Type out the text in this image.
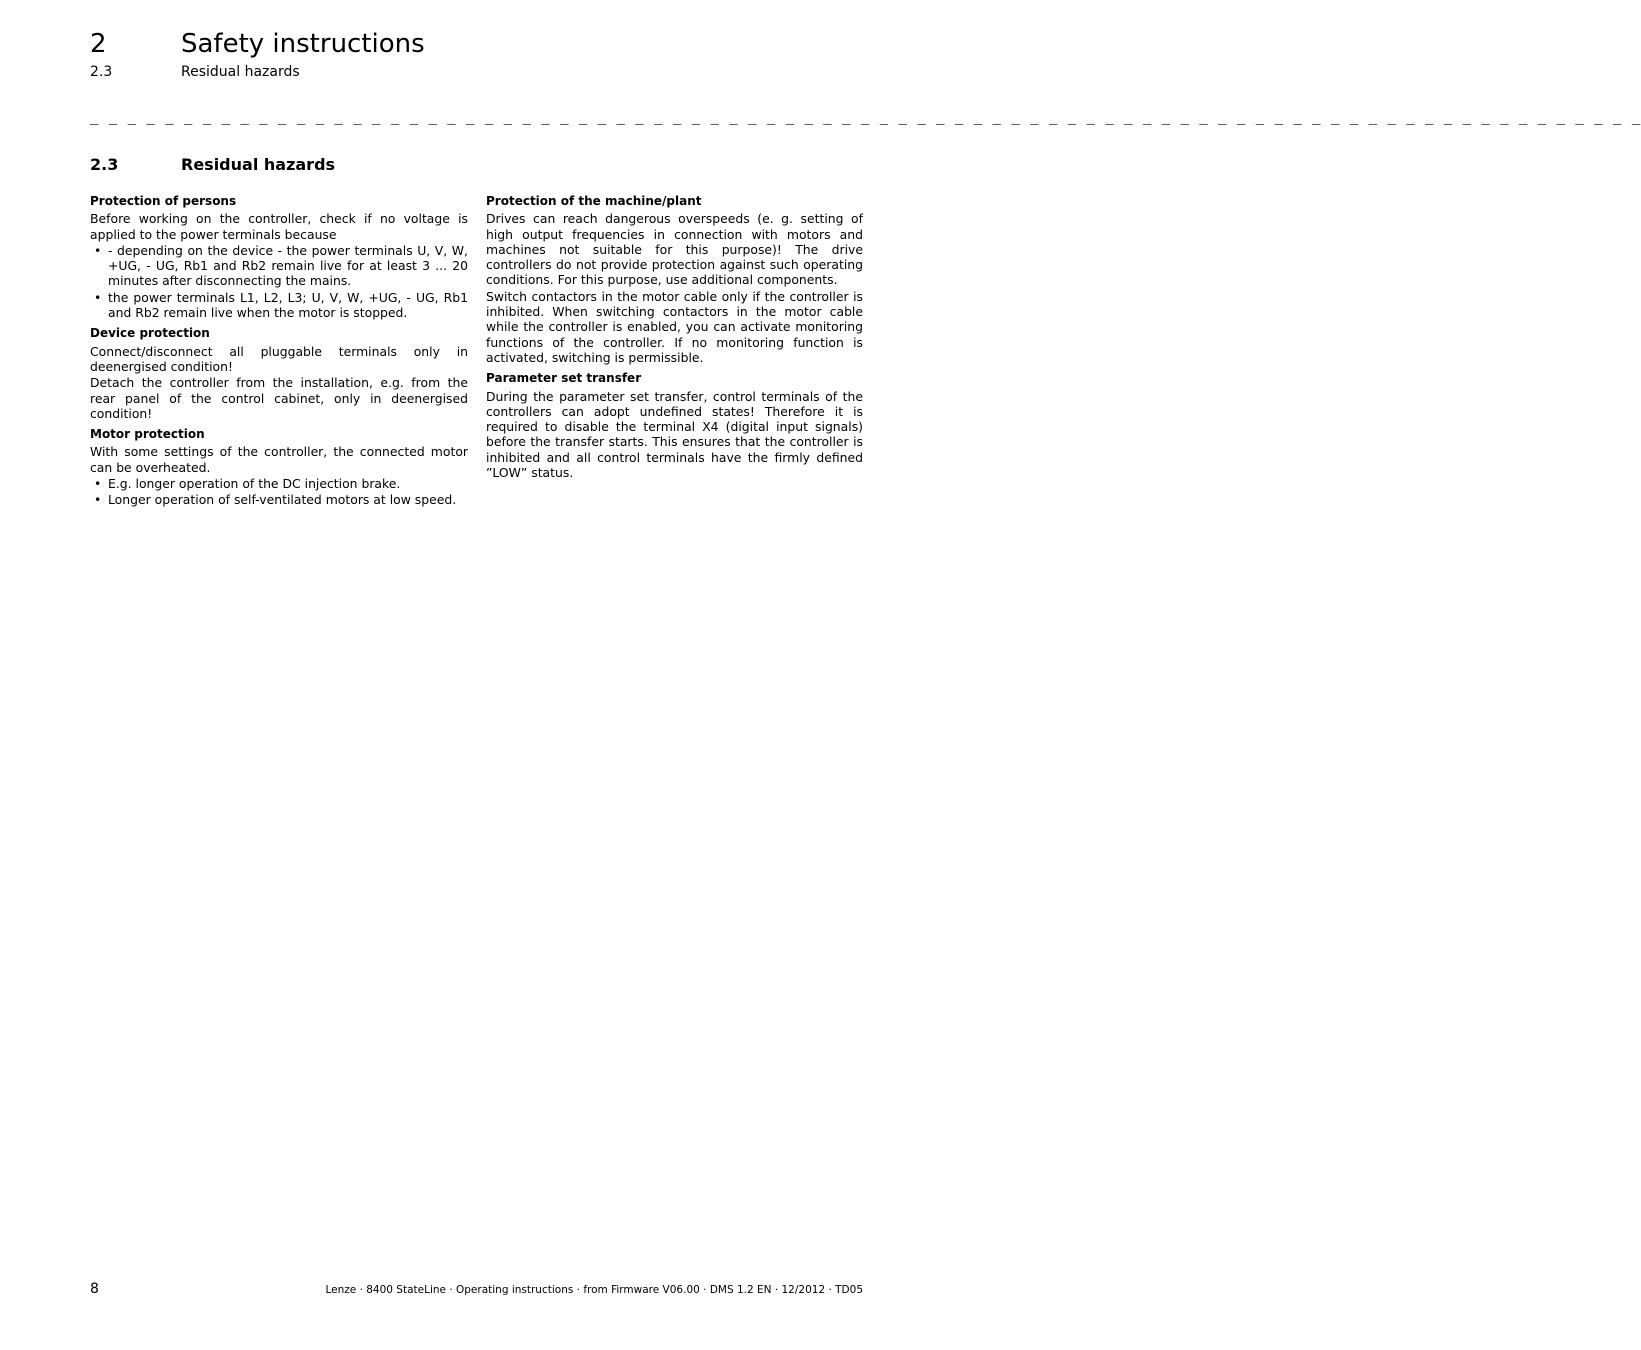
2	Safety instructions
2.3	Residual hazards
_ _ _ _ _ _ _ _ _ _ _ _ _ _ _ _ _ _ _ _ _ _ _ _ _ _ _ _ _ _ _ _ _ _ _ _ _ _ _ _ _ _ _ _ _ _ _ _ _ _ _ _ _ _ _ _ _ _ _ _ _ _ _ _ _ _ _ _ _ _ _ _ _ _ _ _ _ _ _ _ _ _ _
2.3	Residual hazards
Protection of persons
Before working on the controller, check if no voltage is applied to the power terminals because
• - depending on the device - the power terminals U, V, W, +UG, - UG, Rb1 and Rb2 remain live for at least 3 ... 20 minutes after disconnecting the mains.
• the power terminals L1, L2, L3; U, V, W, +UG, - UG, Rb1 and Rb2 remain live when the motor is stopped.
Device protection
Connect/disconnect all pluggable terminals only in deenergised condition!
Detach the controller from the installation, e.g. from the rear panel of the control cabinet, only in deenergised condition!
Motor protection
With some settings of the controller, the connected motor can be overheated.
• E.g. longer operation of the DC injection brake.
• Longer operation of self-ventilated motors at low speed.
Protection of the machine/plant
Drives can reach dangerous overspeeds (e. g. setting of high output frequencies in connection with motors and machines not suitable for this purpose)! The drive controllers do not provide protection against such operating conditions. For this purpose, use additional components.
Switch contactors in the motor cable only if the controller is inhibited. When switching contactors in the motor cable while the controller is enabled, you can activate monitoring functions of the controller. If no monitoring function is activated, switching is permissible.
Parameter set transfer
During the parameter set transfer, control terminals of the controllers can adopt undefined states! Therefore it is required to disable the terminal X4 (digital input signals) before the transfer starts. This ensures that the controller is inhibited and all control terminals have the firmly defined ”LOW” status.
8	Lenze · 8400 StateLine · Operating instructions · from Firmware V06.00 · DMS 1.2 EN · 12/2012 · TD05
